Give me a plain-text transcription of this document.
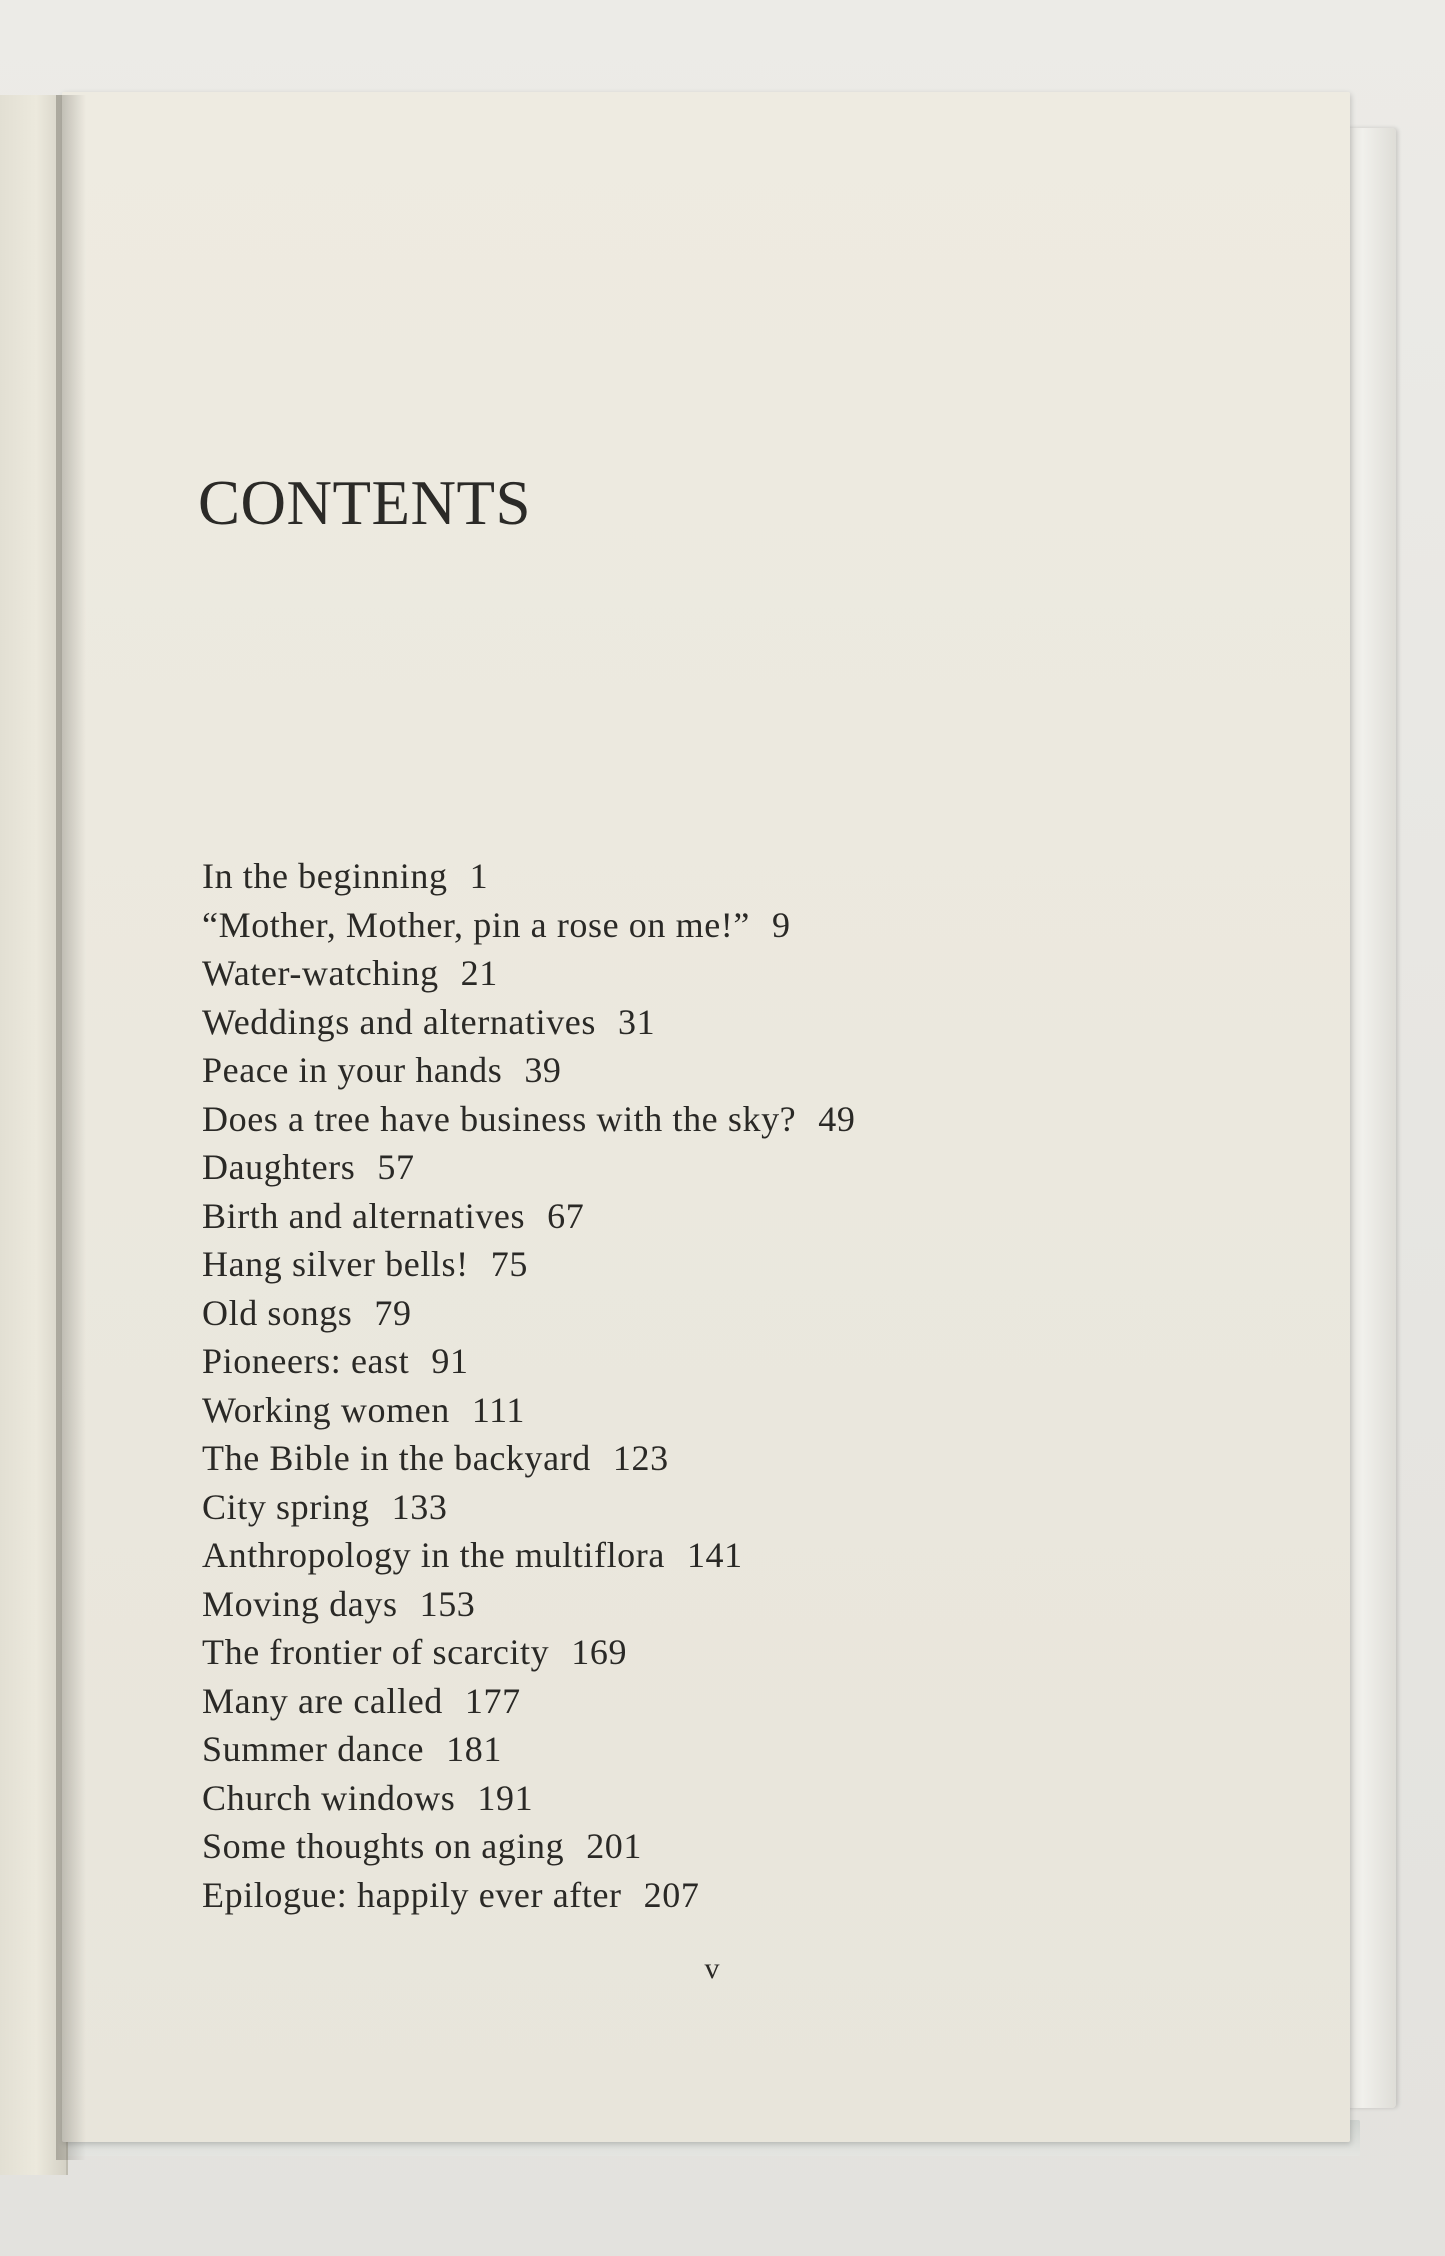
CONTENTS
In the beginning 1
“Mother, Mother, pin a rose on me!” 9
Water-watching 21
Weddings and alternatives 31
Peace in your hands 39
Does a tree have business with the sky? 49
Daughters 57
Birth and alternatives 67
Hang silver bells! 75
Old songs 79
Pioneers: east 91
Working women 111
The Bible in the backyard 123
City spring 133
Anthropology in the multiflora 141
Moving days 153
The frontier of scarcity 169
Many are called 177
Summer dance 181
Church windows 191
Some thoughts on aging 201
Epilogue: happily ever after 207
v
